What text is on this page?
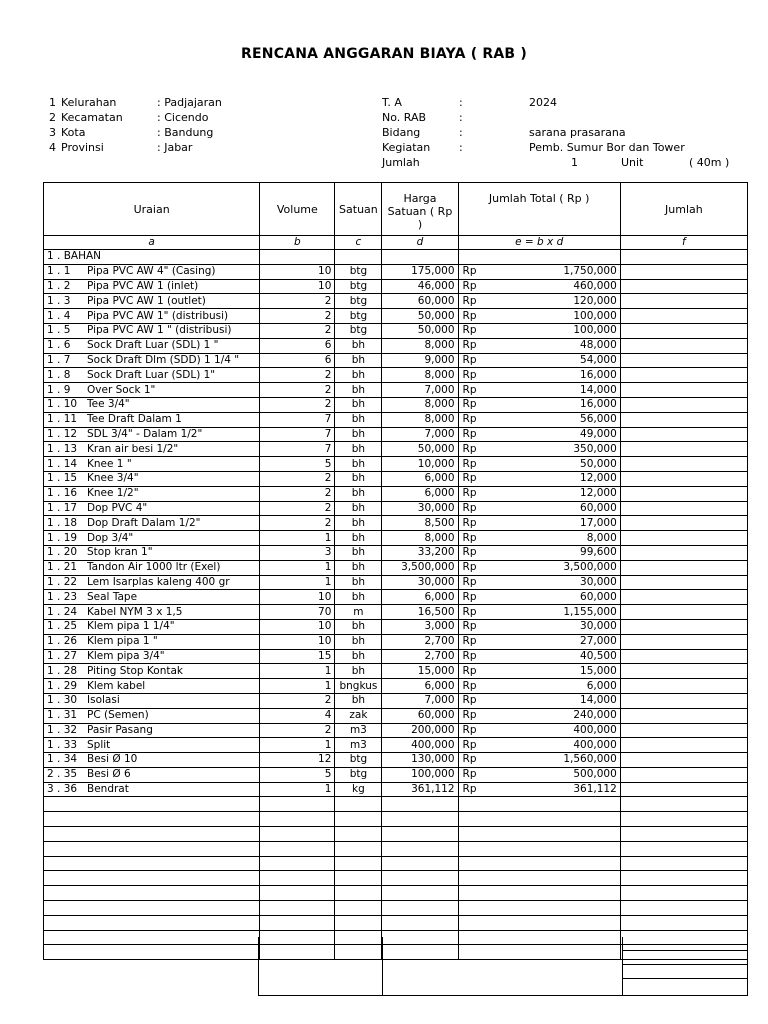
RENCANA ANGGARAN BIAYA ( RAB )
1 Kelurahan	: Padjajaran
2 Kecamatan	: Cicendo
3 Kota	: Bandung
4 Provinsi	: Jabar
T. A	:	2024
No. RAB	:
Bidang	:	sarana prasarana
Kegiatan	:	Pemb. Sumur Bor dan Tower
Jumlah	1	Unit	( 40m )
Uraian	Volume	Satuan	Harga Satuan ( Rp )	Jumlah Total ( Rp )		Jumlah
a	b	c	d	e = b x d		f
1 . BAHAN						
1 . 1 Pipa PVC AW 4" (Casing)	10	btg	175,000	Rp	1,750,000	
1 . 2 Pipa PVC AW 1 (inlet)	10	btg	46,000	Rp	460,000	
1 . 3 Pipa PVC AW 1 (outlet)	2	btg	60,000	Rp	120,000	
1 . 4 Pipa PVC AW 1" (distribusi)	2	btg	50,000	Rp	100,000	
1 . 5 Pipa PVC AW 1 " (distribusi)	2	btg	50,000	Rp	100,000	
1 . 6 Sock Draft Luar (SDL) 1 "	6	bh	8,000	Rp	48,000	
1 . 7 Sock Draft Dlm (SDD) 1 1/4 "	6	bh	9,000	Rp	54,000	
1 . 8 Sock Draft Luar (SDL) 1"	2	bh	8,000	Rp	16,000	
1 . 9 Over Sock 1"	2	bh	7,000	Rp	14,000	
1 . 10 Tee 3/4"	2	bh	8,000	Rp	16,000	
1 . 11 Tee Draft Dalam 1	7	bh	8,000	Rp	56,000	
1 . 12 SDL 3/4" - Dalam 1/2"	7	bh	7,000	Rp	49,000	
1 . 13 Kran air besi 1/2"	7	bh	50,000	Rp	350,000	
1 . 14 Knee 1 "	5	bh	10,000	Rp	50,000	
1 . 15 Knee 3/4"	2	bh	6,000	Rp	12,000	
1 . 16 Knee 1/2"	2	bh	6,000	Rp	12,000	
1 . 17 Dop PVC 4"	2	bh	30,000	Rp	60,000	
1 . 18 Dop Draft Dalam 1/2"	2	bh	8,500	Rp	17,000	
1 . 19 Dop 3/4"	1	bh	8,000	Rp	8,000	
1 . 20 Stop kran 1"	3	bh	33,200	Rp	99,600	
1 . 21 Tandon Air 1000 ltr (Exel)	1	bh	3,500,000	Rp	3,500,000	
1 . 22 Lem Isarplas kaleng 400 gr	1	bh	30,000	Rp	30,000	
1 . 23 Seal Tape	10	bh	6,000	Rp	60,000	
1 . 24 Kabel NYM 3 x 1,5	70	m	16,500	Rp	1,155,000	
1 . 25 Klem pipa 1 1/4"	10	bh	3,000	Rp	30,000	
1 . 26 Klem pipa 1 "	10	bh	2,700	Rp	27,000	
1 . 27 Klem pipa 3/4"	15	bh	2,700	Rp	40,500	
1 . 28 Piting Stop Kontak	1	bh	15,000	Rp	15,000	
1 . 29 Klem kabel	1	bngkus	6,000	Rp	6,000	
1 . 30 Isolasi	2	bh	7,000	Rp	14,000	
1 . 31 PC (Semen)	4	zak	60,000	Rp	240,000	
1 . 32 Pasir Pasang	2	m3	200,000	Rp	400,000	
1 . 33 Split	1	m3	400,000	Rp	400,000	
1 . 34 Besi Ø 10	12	btg	130,000	Rp	1,560,000	
2 . 35 Besi Ø 6	5	btg	100,000	Rp	500,000	
3 . 36 Bendrat	1	kg	361,112	Rp	361,112	
